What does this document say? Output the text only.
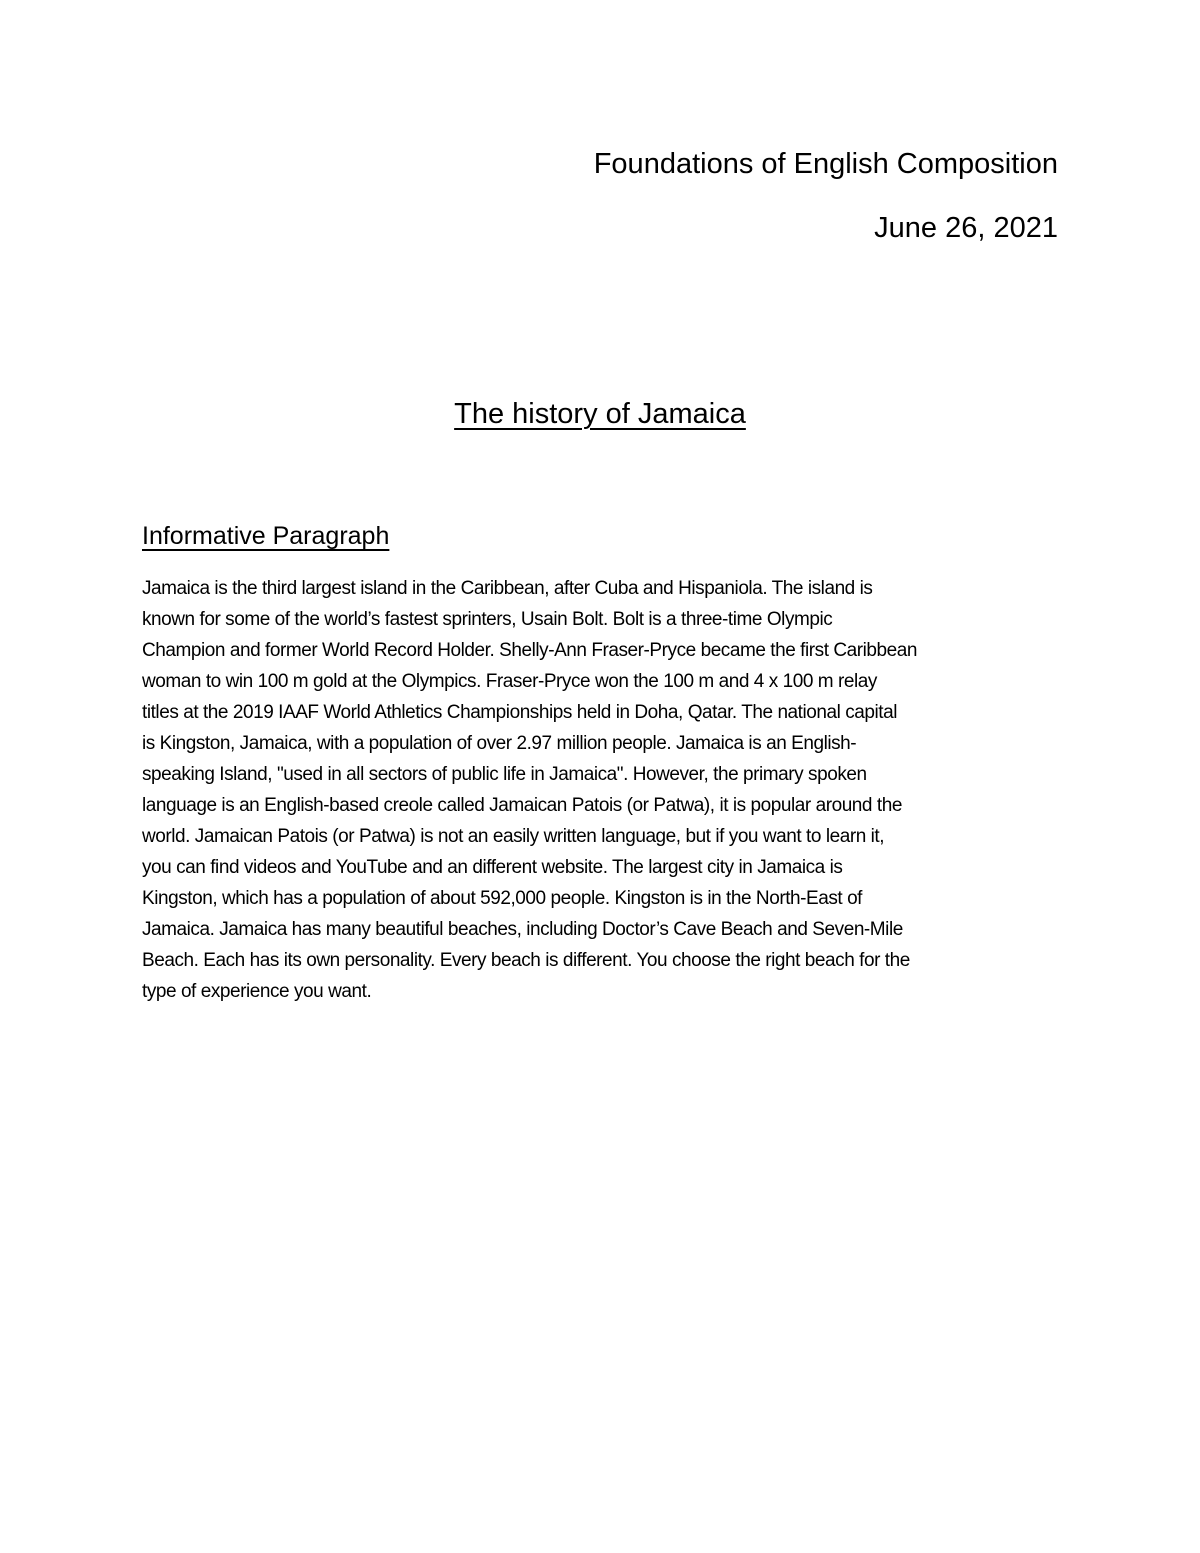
Foundations of English Composition
June 26, 2021
The history of Jamaica
Informative Paragraph
Jamaica is the third largest island in the Caribbean, after Cuba and Hispaniola. The island is
known for some of the world’s fastest sprinters, Usain Bolt. Bolt is a three-time Olympic
Champion and former World Record Holder. Shelly-Ann Fraser-Pryce became the first Caribbean
woman to win 100 m gold at the Olympics. Fraser-Pryce won the 100 m and 4 x 100 m relay
titles at the 2019 IAAF World Athletics Championships held in Doha, Qatar. The national capital
is Kingston, Jamaica, with a population of over 2.97 million people. Jamaica is an English-
speaking Island, "used in all sectors of public life in Jamaica". However, the primary spoken
language is an English-based creole called Jamaican Patois (or Patwa), it is popular around the
world. Jamaican Patois (or Patwa) is not an easily written language, but if you want to learn it,
you can find videos and YouTube and an different website. The largest city in Jamaica is
Kingston, which has a population of about 592,000 people. Kingston is in the North-East of
Jamaica. Jamaica has many beautiful beaches, including Doctor’s Cave Beach and Seven-Mile
Beach. Each has its own personality. Every beach is different. You choose the right beach for the
type of experience you want.
